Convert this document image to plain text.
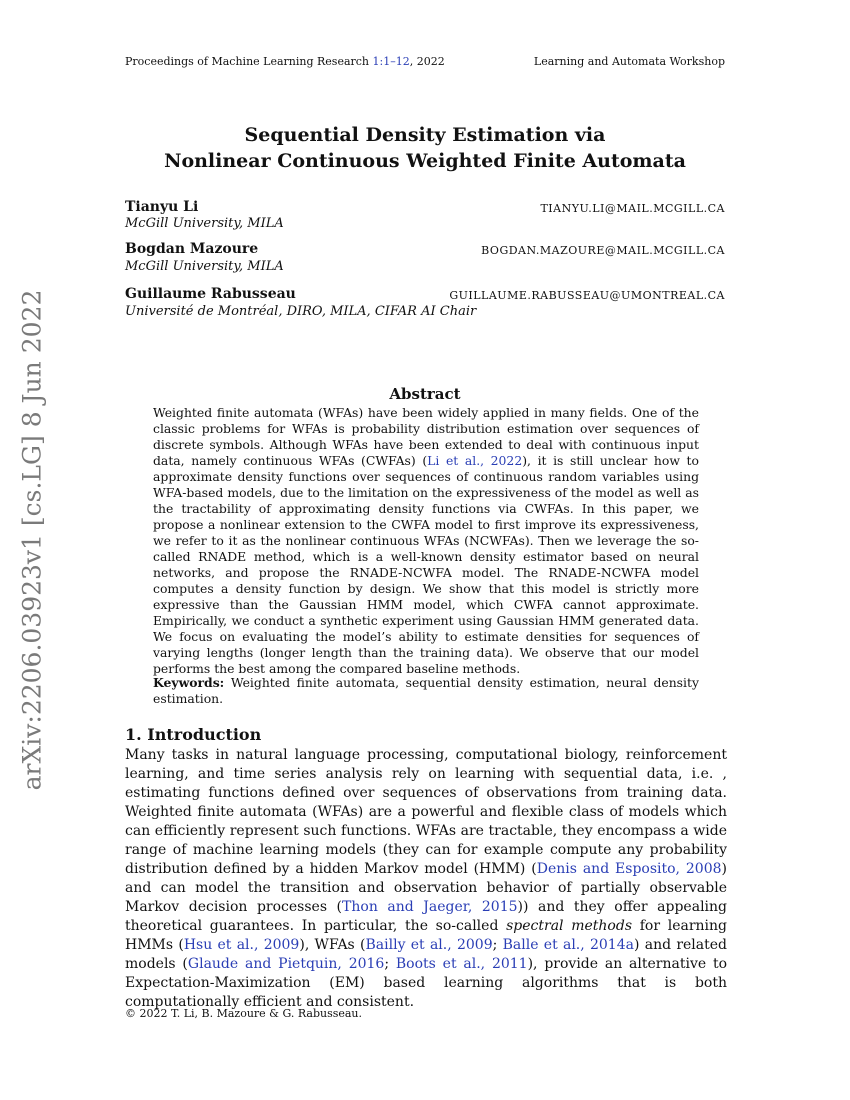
Proceedings of Machine Learning Research 1:1–12, 2022	Learning and Automata Workshop
Sequential Density Estimation via
Nonlinear Continuous Weighted Finite Automata
Tianyu Li	TIANYU.LI@MAIL.MCGILL.CA
McGill University, MILA
Bogdan Mazoure	BOGDAN.MAZOURE@MAIL.MCGILL.CA
McGill University, MILA
Guillaume Rabusseau	GUILLAUME.RABUSSEAU@UMONTREAL.CA
Université de Montréal, DIRO, MILA, CIFAR AI Chair
arXiv:2206.03923v1 [cs.LG] 8 Jun 2022	Abstract
Weighted finite automata (WFAs) have been widely applied in many fields. One of the classic problems for WFAs is probability distribution estimation over sequences of discrete symbols. Although WFAs have been extended to deal with continuous input data, namely continuous WFAs (CWFAs) (Li et al., 2022), it is still unclear how to approximate density functions over sequences of continuous random variables using WFA-based models, due to the limitation on the expressiveness of the model as well as the tractability of approximating density functions via CWFAs. In this paper, we propose a nonlinear extension to the CWFA model to first improve its expressiveness, we refer to it as the nonlinear continuous WFAs (NCWFAs). Then we leverage the so-called RNADE method, which is a well-known density estimator based on neural networks, and propose the RNADE-NCWFA model. The RNADE-NCWFA model computes a density function by design. We show that this model is strictly more expressive than the Gaussian HMM model, which CWFA cannot approximate. Empirically, we conduct a synthetic experiment using Gaussian HMM generated data. We focus on evaluating the model’s ability to estimate densities for sequences of varying lengths (longer length than the training data). We observe that our model performs the best among the compared baseline methods.
Keywords: Weighted finite automata, sequential density estimation, neural density estimation.
1. Introduction
Many tasks in natural language processing, computational biology, reinforcement learning, and time series analysis rely on learning with sequential data, i.e. , estimating functions defined over sequences of observations from training data. Weighted finite automata (WFAs) are a powerful and flexible class of models which can efficiently represent such functions. WFAs are tractable, they encompass a wide range of machine learning models (they can for example compute any probability distribution defined by a hidden Markov model (HMM) (Denis and Esposito, 2008) and can model the transition and observation behavior of partially observable Markov decision processes (Thon and Jaeger, 2015)) and they offer appealing theoretical guarantees. In particular, the so-called spectral methods for learning HMMs (Hsu et al., 2009), WFAs (Bailly et al., 2009; Balle et al., 2014a) and related models (Glaude and Pietquin, 2016; Boots et al., 2011), provide an alternative to Expectation-Maximization (EM) based learning algorithms that is both computationally efficient and consistent.
© 2022 T. Li, B. Mazoure & G. Rabusseau.
